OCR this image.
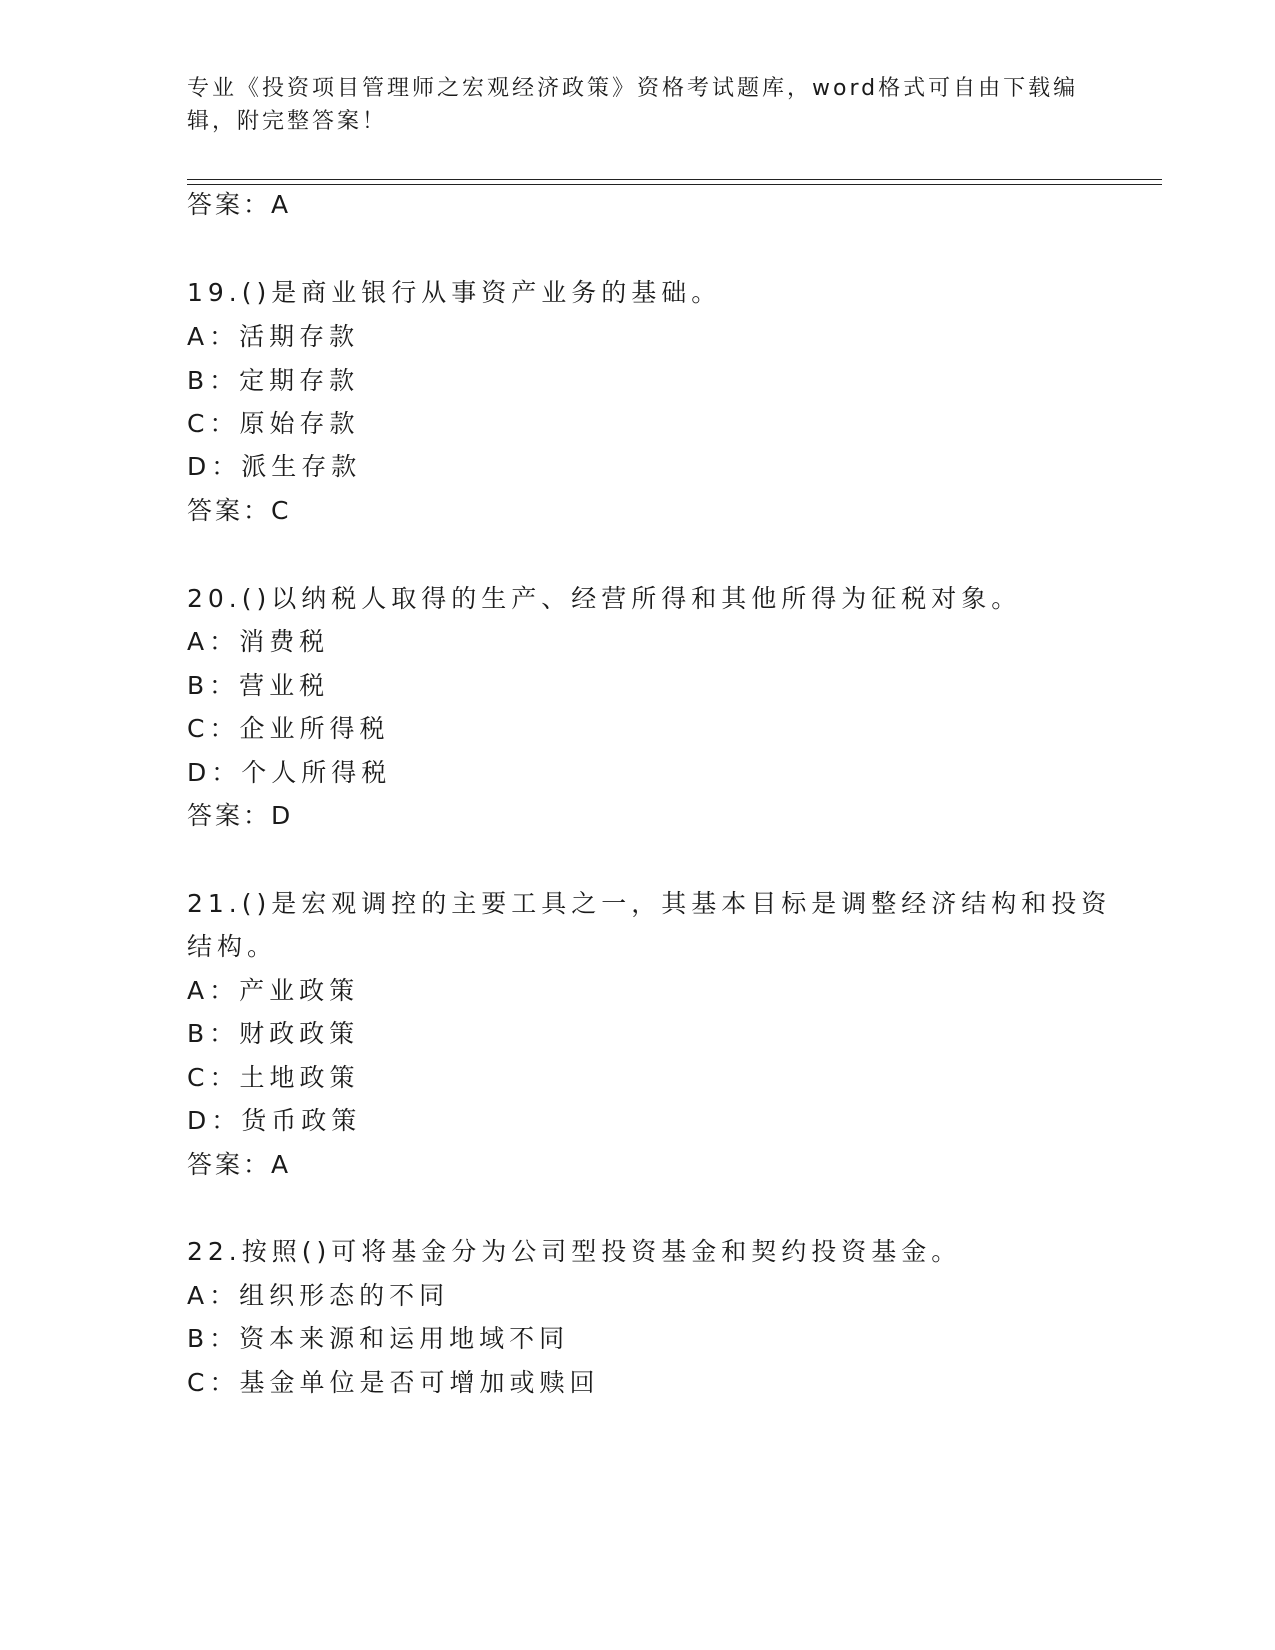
专业《投资项目管理师之宏观经济政策》资格考试题库，word格式可自由下载编
辑，附完整答案！
答案：A
19.()是商业银行从事资产业务的基础。
A：活期存款
B：定期存款
C：原始存款
D：派生存款
答案：C
20.()以纳税人取得的生产、经营所得和其他所得为征税对象。
A：消费税
B：营业税
C：企业所得税
D：个人所得税
答案：D
21.()是宏观调控的主要工具之一，其基本目标是调整经济结构和投资
结构。
A：产业政策
B：财政政策
C：土地政策
D：货币政策
答案：A
22.按照()可将基金分为公司型投资基金和契约投资基金。
A：组织形态的不同
B：资本来源和运用地域不同
C：基金单位是否可增加或赎回
